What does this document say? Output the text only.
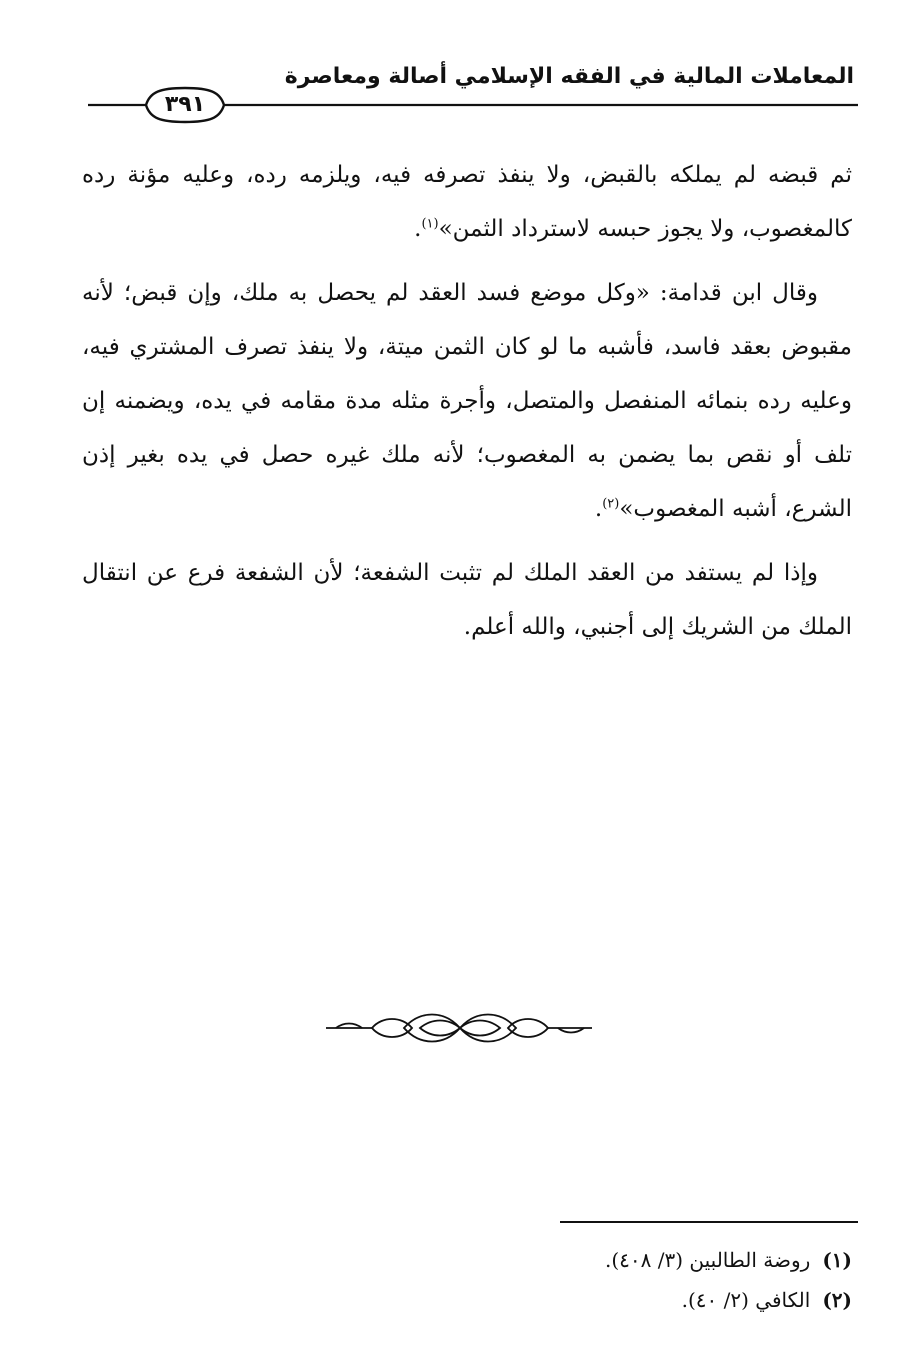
المعاملات المالية في الفقه الإسلامي أصالة ومعاصرة
٣٩١

ثم قبضه لم يملكه بالقبض، ولا ينفذ تصرفه فيه، ويلزمه رده، وعليه مؤنة رده كالمغصوب، ولا يجوز حبسه لاسترداد الثمن»$^{(١)}$.

وقال ابن قدامة: «وكل موضع فسد العقد لم يحصل به ملك، وإن قبض؛ لأنه مقبوض بعقد فاسد، فأشبه ما لو كان الثمن ميتة، ولا ينفذ تصرف المشتري فيه، وعليه رده بنمائه المنفصل والمتصل، وأجرة مثله مدة مقامه في يده، ويضمنه إن تلف أو نقص بما يضمن به المغصوب؛ لأنه ملك غيره حصل في يده بغير إذن الشرع، أشبه المغصوب»$^{(٢)}$.

وإذا لم يستفد من العقد الملك لم تثبت الشفعة؛ لأن الشفعة فرع عن انتقال الملك من الشريك إلى أجنبي، والله أعلم.

(١)روضة الطالبين (٣/ ٤٠٨).
(٢)الكافي (٢/ ٤٠).
